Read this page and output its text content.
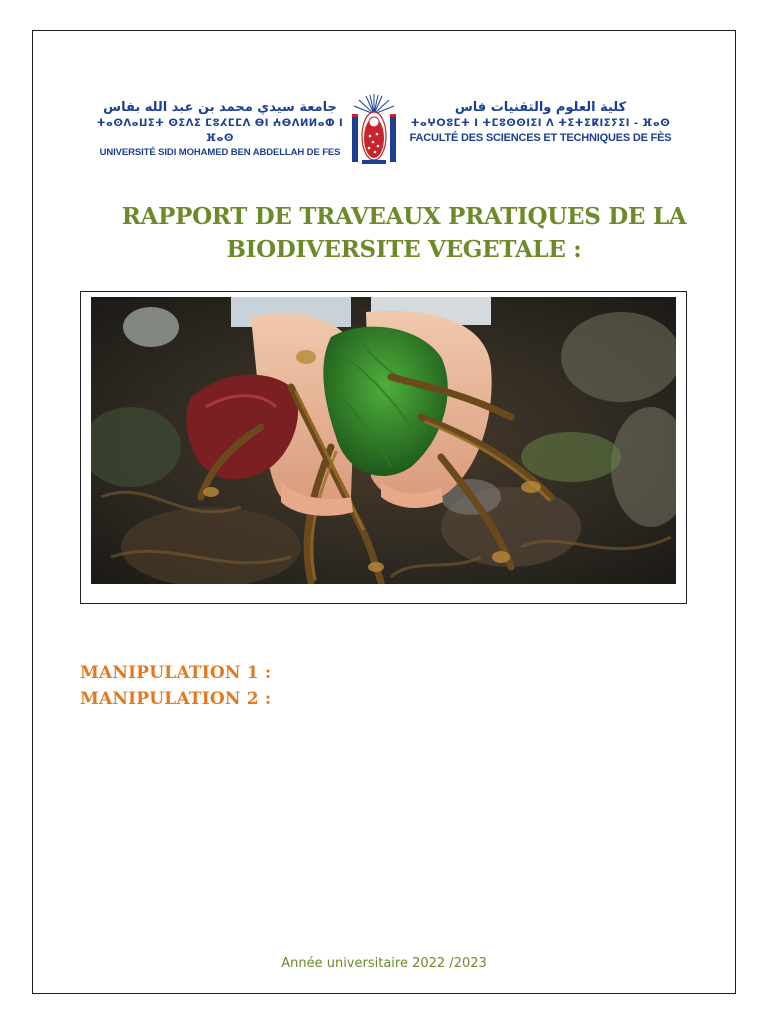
جامعة سيدي محمد بن عبد الله بفاس
ⵜⴰⵙⴷⴰⵡⵉⵜ ⵙⵉⴷⵉ ⵎⵓⵃⵎⵎⴷ ⴱⵏ ⵄⴱⴷⵍⵍⴰⵀ ⵏ ⴼⴰⵙ
UNIVERSITÉ SIDI MOHAMED BEN ABDELLAH DE FES
كلية العلوم والتقنيات فاس
ⵜⴰⵖⵔⵓⵎⵜ ⵏ ⵜⵎⵓⵙⵙⵏⵉⵏ ⴷ ⵜⵉⵜⵉⴽⵏⵉⵢⵉⵏ - ⴼⴰⵙ
FACULTÉ DES SCIENCES ET TECHNIQUES DE FÈS
RAPPORT DE TRAVEAUX PRATIQUES DE LA
BIODIVERSITE VEGETALE :
MANIPULATION 1 :
MANIPULATION 2 :
Année universitaire 2022 /2023
